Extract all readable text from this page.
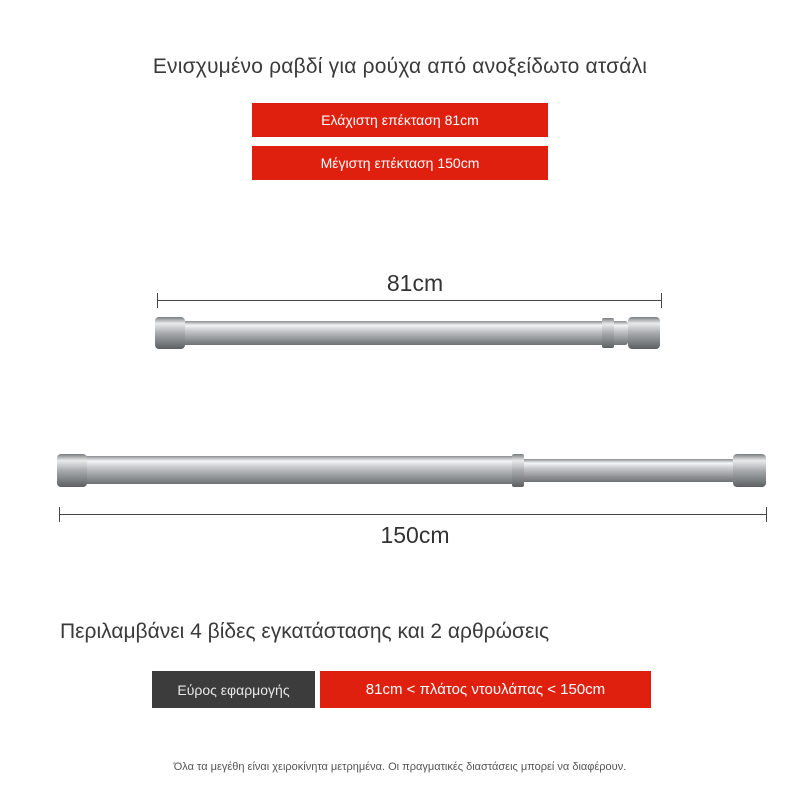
Ενισχυμένο ραβδί για ρούχα από ανοξείδωτο ατσάλι
Ελάχιστη επέκταση 81cm
Μέγιστη επέκταση 150cm
81cm
150cm
Περιλαμβάνει 4 βίδες εγκατάστασης και 2 αρθρώσεις
Εύρος εφαρμογής	81cm < πλάτος ντουλάπας < 150cm
Όλα τα μεγέθη είναι χειροκίνητα μετρημένα. Οι πραγματικές διαστάσεις μπορεί να διαφέρουν.
